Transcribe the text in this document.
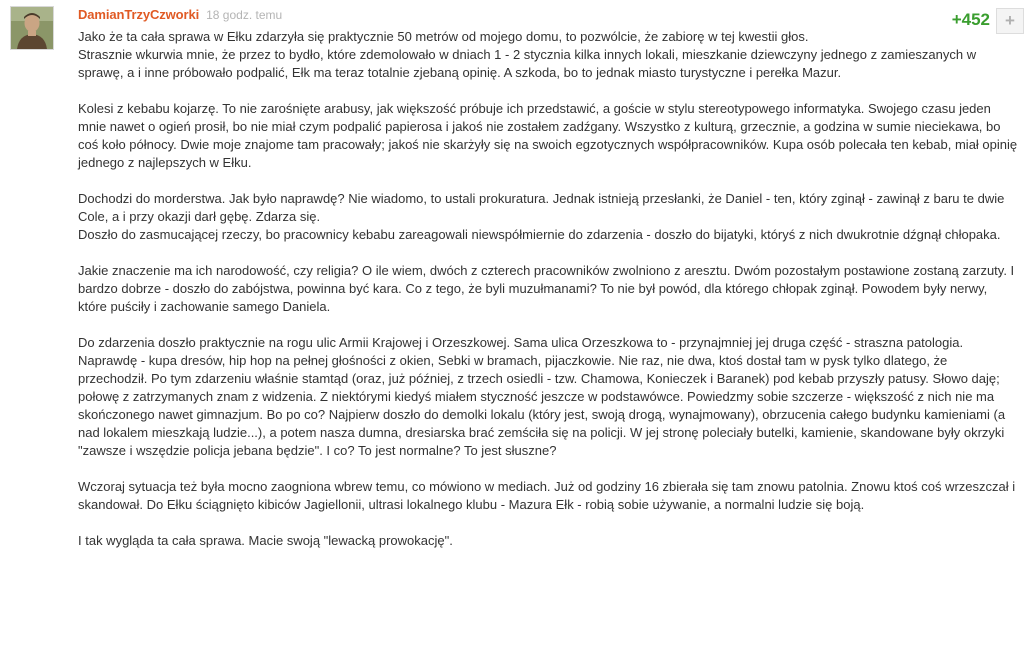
DamianTrzyCzworki 18 godz. temu	+452 +

Jako że ta cała sprawa w Ełku zdarzyła się praktycznie 50 metrów od mojego domu, to pozwólcie, że zabiorę w tej kwestii głos.
Strasznie wkurwia mnie, że przez to bydło, które zdemolowało w dniach 1 - 2 stycznia kilka innych lokali, mieszkanie dziewczyny jednego z zamieszanych w sprawę, a i inne próbowało podpalić, Ełk ma teraz totalnie zjebaną opinię. A szkoda, bo to jednak miasto turystyczne i perełka Mazur.

Kolesi z kebabu kojarzę. To nie zarośnięte arabusy, jak większość próbuje ich przedstawić, a goście w stylu stereotypowego informatyka. Swojego czasu jeden mnie nawet o ogień prosił, bo nie miał czym podpalić papierosa i jakoś nie zostałem zadźgany. Wszystko z kulturą, grzecznie, a godzina w sumie nieciekawa, bo coś koło północy. Dwie moje znajome tam pracowały; jakoś nie skarżyły się na swoich egzotycznych współpracowników. Kupa osób polecała ten kebab, miał opinię jednego z najlepszych w Ełku.

Dochodzi do morderstwa. Jak było naprawdę? Nie wiadomo, to ustali prokuratura. Jednak istnieją przesłanki, że Daniel - ten, który zginął - zawinął z baru te dwie Cole, a i przy okazji darł gębę. Zdarza się.
Doszło do zasmucającej rzeczy, bo pracownicy kebabu zareagowali niewspółmiernie do zdarzenia - doszło do bijatyki, któryś z nich dwukrotnie dźgnął chłopaka.

Jakie znaczenie ma ich narodowość, czy religia? O ile wiem, dwóch z czterech pracowników zwolniono z aresztu. Dwóm pozostałym postawione zostaną zarzuty. I bardzo dobrze - doszło do zabójstwa, powinna być kara. Co z tego, że byli muzułmanami? To nie był powód, dla którego chłopak zginął. Powodem były nerwy, które puściły i zachowanie samego Daniela.

Do zdarzenia doszło praktycznie na rogu ulic Armii Krajowej i Orzeszkowej. Sama ulica Orzeszkowa to - przynajmniej jej druga część - straszna patologia. Naprawdę - kupa dresów, hip hop na pełnej głośności z okien, Sebki w bramach, pijaczkowie. Nie raz, nie dwa, ktoś dostał tam w pysk tylko dlatego, że przechodził. Po tym zdarzeniu właśnie stamtąd (oraz, już później, z trzech osiedli - tzw. Chamowa, Konieczek i Baranek) pod kebab przyszły patusy. Słowo daję; połowę z zatrzymanych znam z widzenia. Z niektórymi kiedyś miałem styczność jeszcze w podstawówce. Powiedzmy sobie szczerze - większość z nich nie ma skończonego nawet gimnazjum. Bo po co? Najpierw doszło do demolki lokalu (który jest, swoją drogą, wynajmowany), obrzucenia całego budynku kamieniami (a nad lokalem mieszkają ludzie...), a potem nasza dumna, dresiarska brać zemściła się na policji. W jej stronę poleciały butelki, kamienie, skandowane były okrzyki "zawsze i wszędzie policja jebana będzie". I co? To jest normalne? To jest słuszne?

Wczoraj sytuacja też była mocno zaogniona wbrew temu, co mówiono w mediach. Już od godziny 16 zbierała się tam znowu patolnia. Znowu ktoś coś wrzeszczał i skandował. Do Ełku ściągnięto kibiców Jagiellonii, ultrasi lokalnego klubu - Mazura Ełk - robią sobie używanie, a normalni ludzie się boją.

I tak wygląda ta cała sprawa. Macie swoją "lewacką prowokację".
